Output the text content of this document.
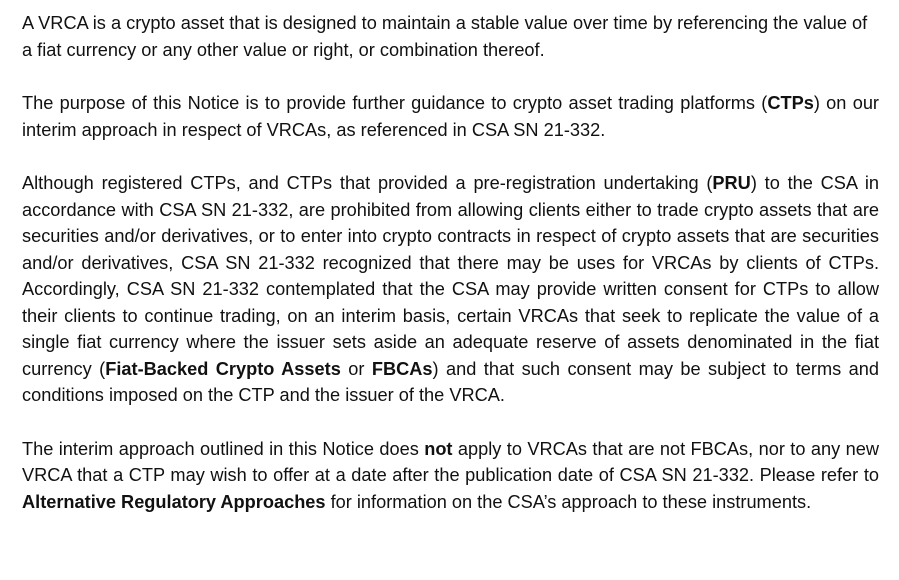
A VRCA is a crypto asset that is designed to maintain a stable value over time by referencing the value of a fiat currency or any other value or right, or combination thereof.

The purpose of this Notice is to provide further guidance to crypto asset trading platforms (CTPs) on our interim approach in respect of VRCAs, as referenced in CSA SN 21-332.

Although registered CTPs, and CTPs that provided a pre-registration undertaking (PRU) to the CSA in accordance with CSA SN 21-332, are prohibited from allowing clients either to trade crypto assets that are securities and/or derivatives, or to enter into crypto contracts in respect of crypto assets that are securities and/or derivatives, CSA SN 21-332 recognized that there may be uses for VRCAs by clients of CTPs. Accordingly, CSA SN 21-332 contemplated that the CSA may provide written consent for CTPs to allow their clients to continue trading, on an interim basis, certain VRCAs that seek to replicate the value of a single fiat currency where the issuer sets aside an adequate reserve of assets denominated in the fiat currency (Fiat-Backed Crypto Assets or FBCAs) and that such consent may be subject to terms and conditions imposed on the CTP and the issuer of the VRCA.

The interim approach outlined in this Notice does not apply to VRCAs that are not FBCAs, nor to any new VRCA that a CTP may wish to offer at a date after the publication date of CSA SN 21-332. Please refer to Alternative Regulatory Approaches for information on the CSA’s approach to these instruments.
